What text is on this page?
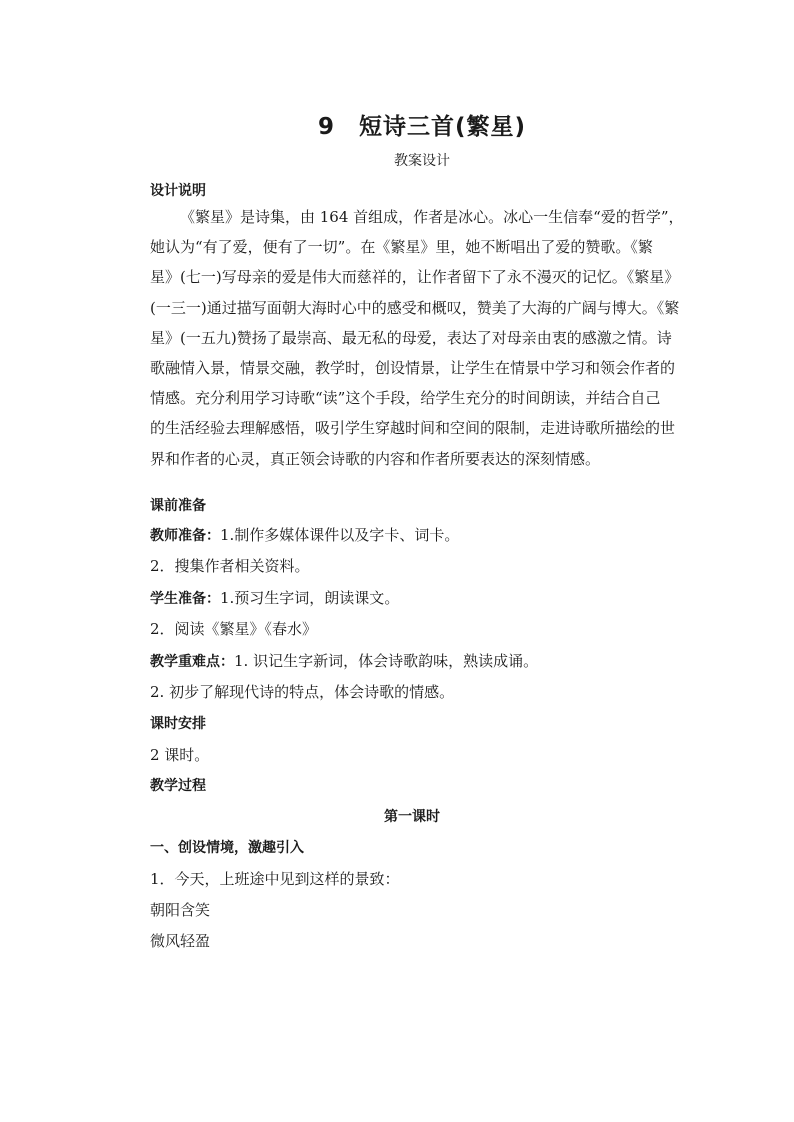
9　短诗三首(繁星)
教案设计
设计说明
《繁星》是诗集，由 164 首组成，作者是冰心。冰心一生信奉“爱的哲学”，
她认为“有了爱，便有了一切”。在《繁星》里，她不断唱出了爱的赞歌。《繁
星》(七一)写母亲的爱是伟大而慈祥的，让作者留下了永不漫灭的记忆。《繁星》
(一三一)通过描写面朝大海时心中的感受和概叹，赞美了大海的广阔与博大。《繁
星》(一五九)赞扬了最崇高、最无私的母爱，表达了对母亲由衷的感激之情。诗
歌融情入景，情景交融，教学时，创设情景，让学生在情景中学习和领会作者的
情感。充分利用学习诗歌“读”这个手段，给学生充分的时间朗读，并结合自己
的生活经验去理解感悟，吸引学生穿越时间和空间的限制，走进诗歌所描绘的世
界和作者的心灵，真正领会诗歌的内容和作者所要表达的深刻情感。
课前准备
教师准备：1.制作多媒体课件以及字卡、词卡。
2．搜集作者相关资料。
学生准备：1.预习生字词，朗读课文。
2．阅读《繁星》《春水》
教学重难点：1. 识记生字新词，体会诗歌韵味，熟读成诵。
2. 初步了解现代诗的特点，体会诗歌的情感。
课时安排
2 课时。
教学过程
第一课时
一、创设情境，激趣引入
1．今天，上班途中见到这样的景致：
朝阳含笑
微风轻盈
